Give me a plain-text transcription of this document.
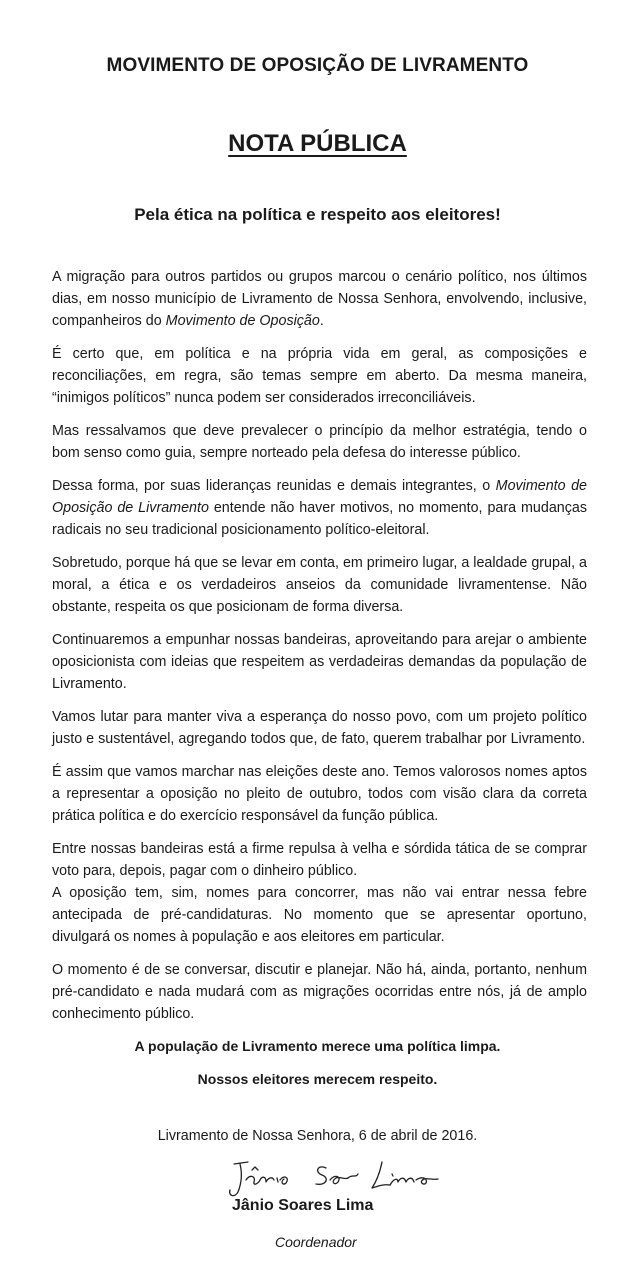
MOVIMENTO DE OPOSIÇÃO DE LIVRAMENTO
NOTA PÚBLICA
Pela ética na política e respeito aos eleitores!

A migração para outros partidos ou grupos marcou o cenário político, nos últimos dias, em nosso município de Livramento de Nossa Senhora, envolvendo, inclusive, companheiros do Movimento de Oposição.

É certo que, em política e na própria vida em geral, as composições e reconciliações, em regra, são temas sempre em aberto. Da mesma maneira, “inimigos políticos” nunca podem ser considerados irreconciliáveis.

Mas ressalvamos que deve prevalecer o princípio da melhor estratégia, tendo o bom senso como guia, sempre norteado pela defesa do interesse público.

Dessa forma, por suas lideranças reunidas e demais integrantes, o Movimento de Oposição de Livramento entende não haver motivos, no momento, para mudanças radicais no seu tradicional posicionamento político-eleitoral.

Sobretudo, porque há que se levar em conta, em primeiro lugar, a lealdade grupal, a moral, a ética e os verdadeiros anseios da comunidade livramentense. Não obstante, respeita os que posicionam de forma diversa.

Continuaremos a empunhar nossas bandeiras, aproveitando para arejar o ambiente oposicionista com ideias que respeitem as verdadeiras demandas da população de Livramento.

Vamos lutar para manter viva a esperança do nosso povo, com um projeto político justo e sustentável, agregando todos que, de fato, querem trabalhar por Livramento.

É assim que vamos marchar nas eleições deste ano. Temos valorosos nomes aptos a representar a oposição no pleito de outubro, todos com visão clara da correta prática política e do exercício responsável da função pública.

Entre nossas bandeiras está a firme repulsa à velha e sórdida tática de se comprar voto para, depois, pagar com o dinheiro público.

A oposição tem, sim, nomes para concorrer, mas não vai entrar nessa febre antecipada de pré-candidaturas. No momento que se apresentar oportuno, divulgará os nomes à população e aos eleitores em particular.

O momento é de se conversar, discutir e planejar. Não há, ainda, portanto, nenhum pré-candidato e nada mudará com as migrações ocorridas entre nós, já de amplo conhecimento público.

A população de Livramento merece uma política limpa.
Nossos eleitores merecem respeito.
Livramento de Nossa Senhora, 6 de abril de 2016.
Jânio Soares Lima
Coordenador
